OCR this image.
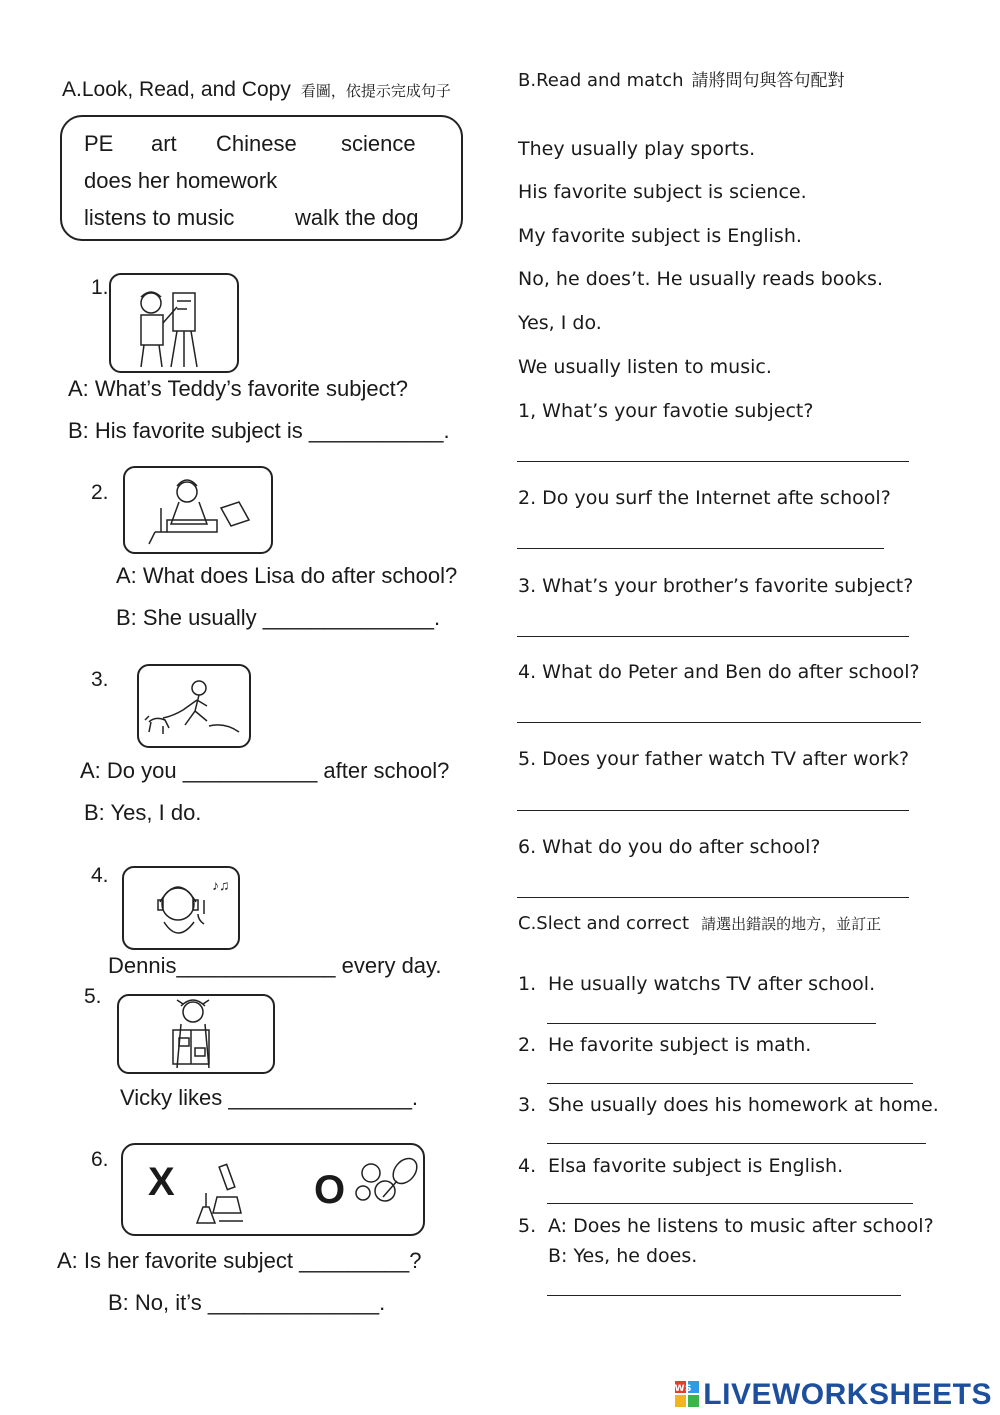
A.Look, Read, and Copy 看圖，依提示完成句子
PE art Chinese science
does her homework
listens to music	walk the dog
1.
A: What’s Teddy’s favorite subject?
B: His favorite subject is ___________.
2.
A: What does Lisa do after school?
B: She usually ______________.
3.
A: Do you ___________ after school?
B: Yes, I do.
4.	♪♫
Dennis_____________ every day.
5.
Vicky likes _______________.
6.
X	O
A: Is her favorite subject _________?
B: No, it’s ______________.
B.Read and match 請將問句與答句配對
They usually play sports.
His favorite subject is science.
My favorite subject is English.
No, he does’t. He usually reads books.
Yes, I do.
We usually listen to music.
1, What’s your favotie subject?
2. Do you surf the Internet afte school?
3. What’s your brother’s favorite subject?
4. What do Peter and Ben do after school?
5. Does your father watch TV after work?
6. What do you do after school?
C.Slect and correct 請選出錯誤的地方，並訂正
1. He usually watchs TV after school.
2. He favorite subject is math.
3. She usually does his homework at home.
4. Elsa favorite subject is English.
5. A: Does he listens to music after school?
B: Yes, he does.
LWS LIVEWORKSHEETS
